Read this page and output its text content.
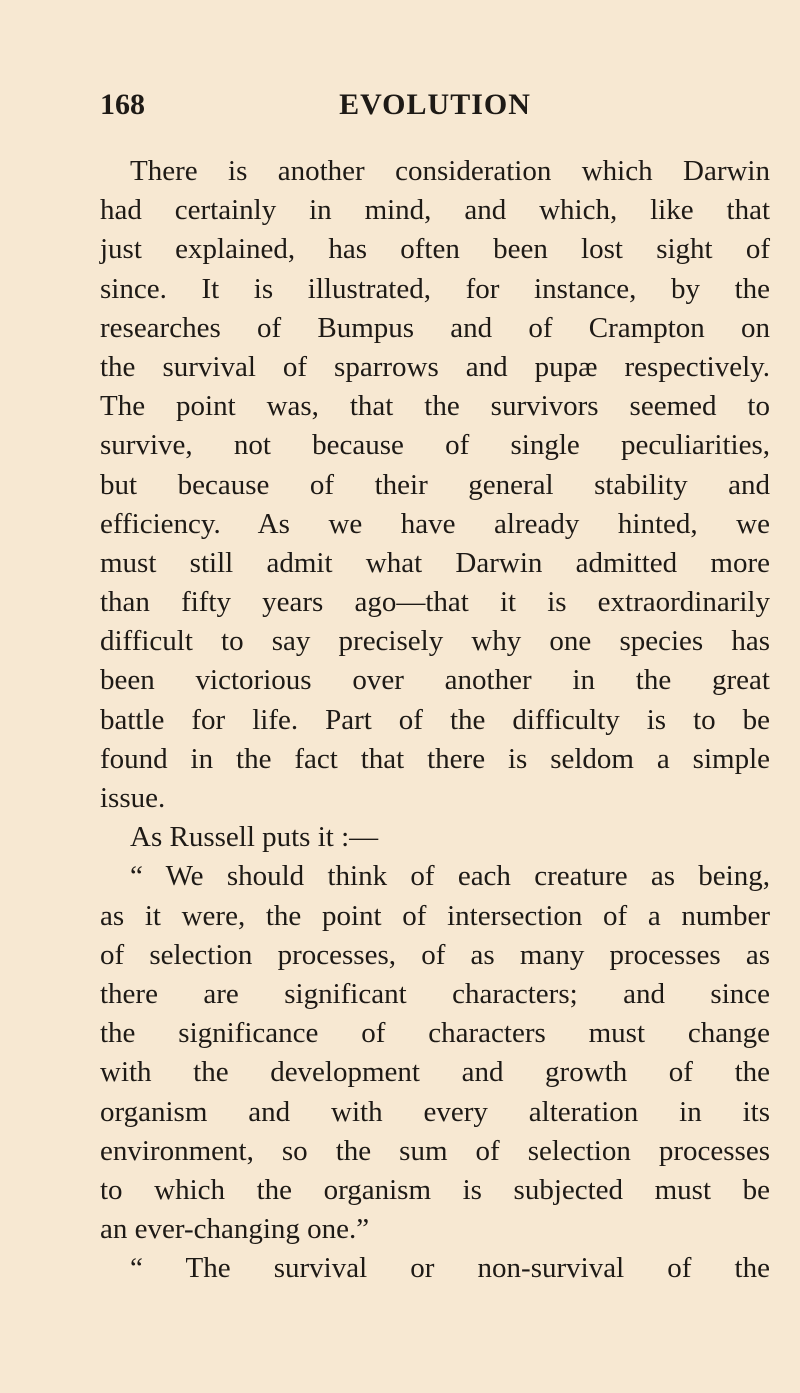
168	EVOLUTION
There is another consideration which Darwin
had certainly in mind, and which, like that
just explained, has often been lost sight of
since. It is illustrated, for instance, by the
researches of Bumpus and of Crampton on
the survival of sparrows and pupæ respectively.
The point was, that the survivors seemed to
survive, not because of single peculiarities,
but because of their general stability and
efficiency. As we have already hinted, we
must still admit what Darwin admitted more
than fifty years ago—that it is extraordinarily
difficult to say precisely why one species has
been victorious over another in the great
battle for life. Part of the difficulty is to be
found in the fact that there is seldom a simple
issue.
As Russell puts it :—
“ We should think of each creature as being,
as it were, the point of intersection of a number
of selection processes, of as many processes as
there are significant characters; and since
the significance of characters must change
with the development and growth of the
organism and with every alteration in its
environment, so the sum of selection processes
to which the organism is subjected must be
an ever-changing one.”
“ The survival or non-survival of the
